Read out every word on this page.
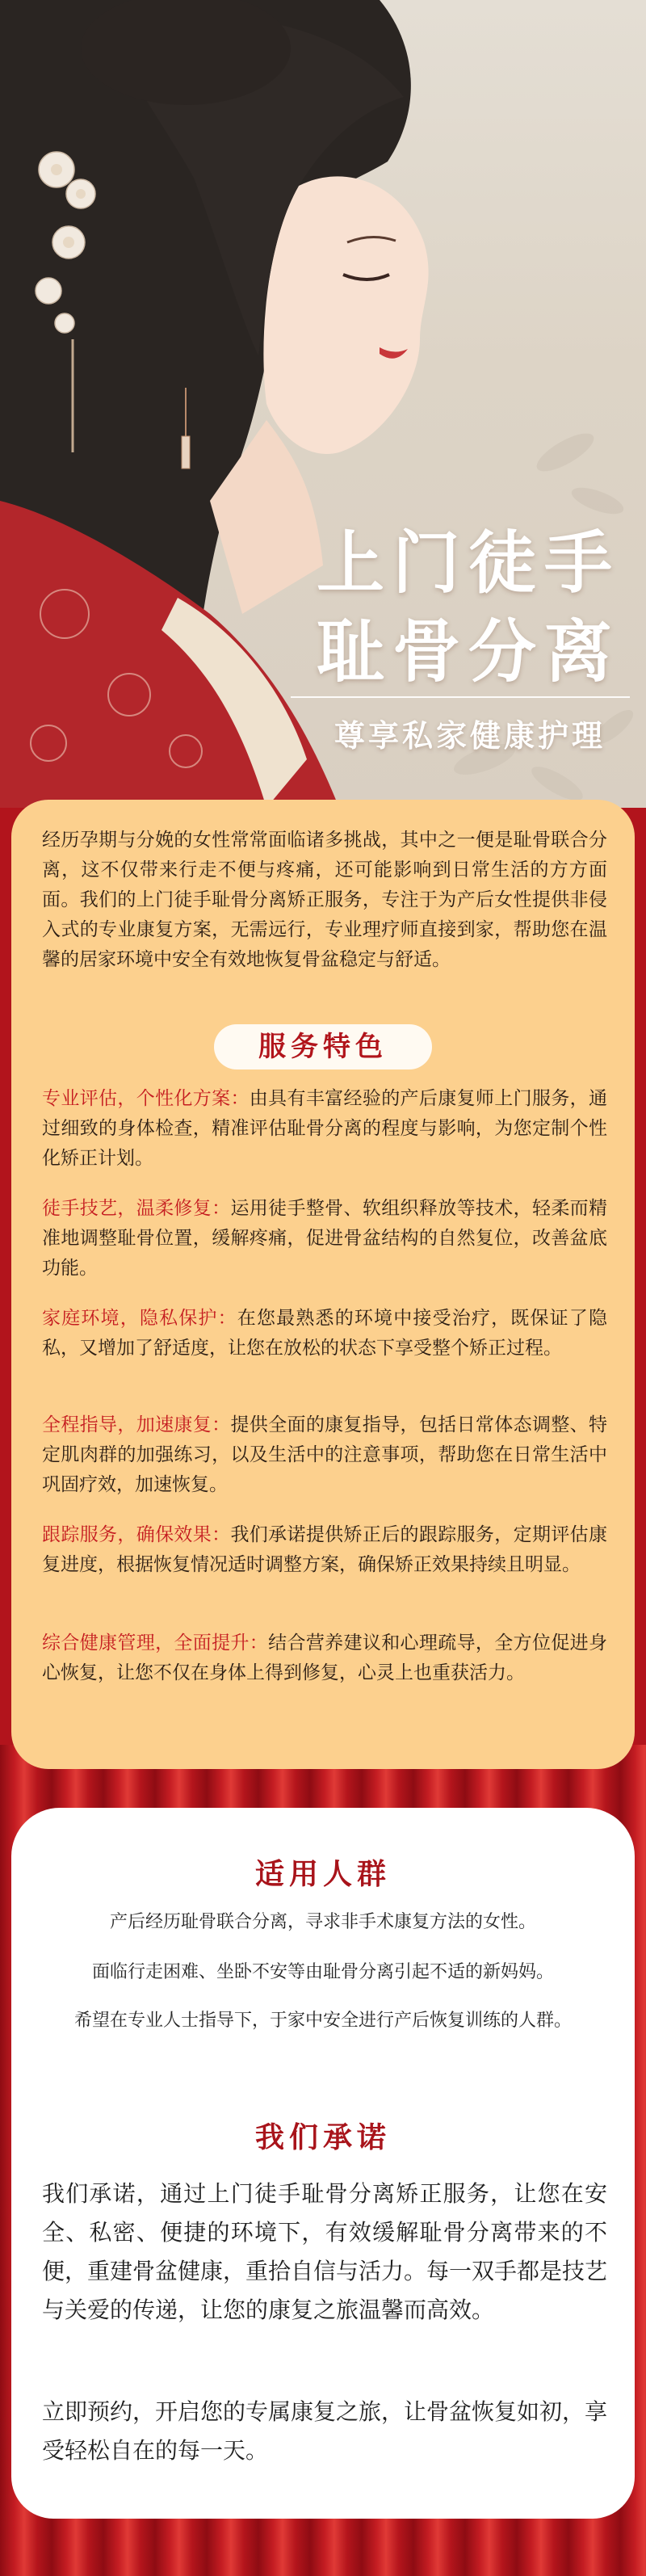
上门徒手
耻骨分离
尊享私家健康护理
经历孕期与分娩的女性常常面临诸多挑战，其中之一便是耻骨联合分离，这不仅带来行走不便与疼痛，还可能影响到日常生活的方方面面。我们的上门徒手耻骨分离矫正服务，专注于为产后女性提供非侵入式的专业康复方案，无需远行，专业理疗师直接到家，帮助您在温馨的居家环境中安全有效地恢复骨盆稳定与舒适。
服务特色
专业评估，个性化方案：由具有丰富经验的产后康复师上门服务，通过细致的身体检查，精准评估耻骨分离的程度与影响，为您定制个性化矫正计划。
徒手技艺，温柔修复：运用徒手整骨、软组织释放等技术，轻柔而精准地调整耻骨位置，缓解疼痛，促进骨盆结构的自然复位，改善盆底功能。
家庭环境，隐私保护：在您最熟悉的环境中接受治疗，既保证了隐私，又增加了舒适度，让您在放松的状态下享受整个矫正过程。
全程指导，加速康复：提供全面的康复指导，包括日常体态调整、特定肌肉群的加强练习，以及生活中的注意事项，帮助您在日常生活中巩固疗效，加速恢复。
跟踪服务，确保效果：我们承诺提供矫正后的跟踪服务，定期评估康复进度，根据恢复情况适时调整方案，确保矫正效果持续且明显。
综合健康管理，全面提升：结合营养建议和心理疏导，全方位促进身心恢复，让您不仅在身体上得到修复，心灵上也重获活力。
适用人群
产后经历耻骨联合分离，寻求非手术康复方法的女性。
面临行走困难、坐卧不安等由耻骨分离引起不适的新妈妈。
希望在专业人士指导下，于家中安全进行产后恢复训练的人群。
我们承诺
我们承诺，通过上门徒手耻骨分离矫正服务，让您在安全、私密、便捷的环境下，有效缓解耻骨分离带来的不便，重建骨盆健康，重拾自信与活力。每一双手都是技艺与关爱的传递，让您的康复之旅温馨而高效。
立即预约，开启您的专属康复之旅，让骨盆恢复如初，享受轻松自在的每一天。
